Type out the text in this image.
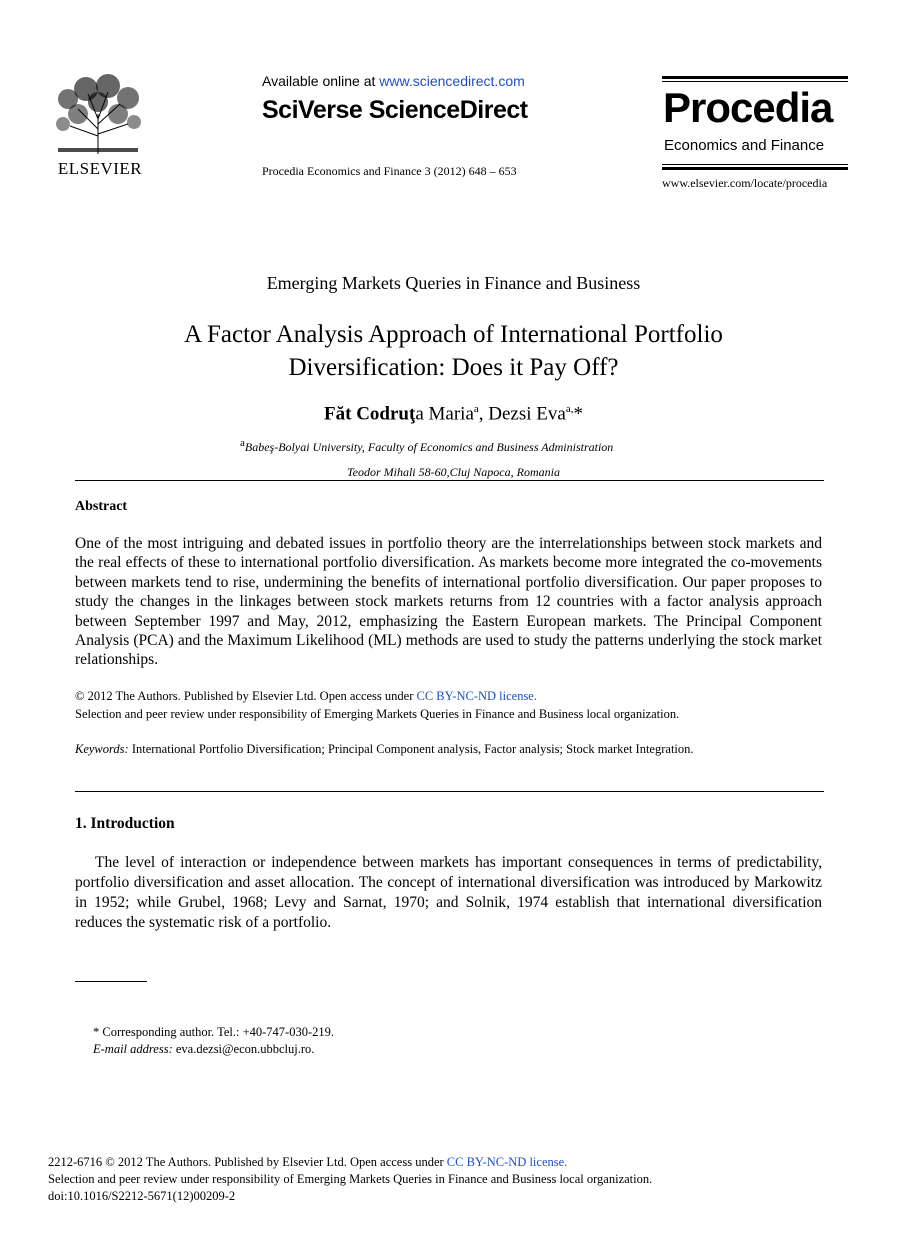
ELSEVIER
Available online at www.sciencedirect.com
SciVerse ScienceDirect
Procedia Economics and Finance 3 (2012) 648 – 653
Procedia
Economics and Finance
www.elsevier.com/locate/procedia
Emerging Markets Queries in Finance and Business
A Factor Analysis Approach of International Portfolio
Diversification: Does it Pay Off?
Făt Codruţa Maria$^a$, Dezsi Eva$^{a,}$*
$^a$Babeş-Bolyai University, Faculty of Economics and Business Administration
Teodor Mihali 58-60,Cluj Napoca, Romania
Abstract
One of the most intriguing and debated issues in portfolio theory are the interrelationships between stock markets and the real effects of these to international portfolio diversification. As markets become more integrated the co-movements between markets tend to rise, undermining the benefits of international portfolio diversification. Our paper proposes to study the changes in the linkages between stock markets returns from 12 countries with a factor analysis approach between September 1997 and May, 2012, emphasizing the Eastern European markets. The Principal Component Analysis (PCA) and the Maximum Likelihood (ML) methods are used to study the patterns underlying the stock market relationships.
© 2012 The Authors. Published by Elsevier Ltd. Open access under CC BY-NC-ND license.
Selection and peer review under responsibility of Emerging Markets Queries in Finance and Business local organization.
Keywords: International Portfolio Diversification; Principal Component analysis, Factor analysis; Stock market Integration.
1. Introduction
The level of interaction or independence between markets has important consequences in terms of predictability, portfolio diversification and asset allocation. The concept of international diversification was introduced by Markowitz in 1952; while Grubel, 1968; Levy and Sarnat, 1970; and Solnik, 1974 establish that international diversification reduces the systematic risk of a portfolio.
* Corresponding author. Tel.: +40-747-030-219.
E-mail address: eva.dezsi@econ.ubbcluj.ro.
2212-6716 © 2012 The Authors. Published by Elsevier Ltd. Open access under CC BY-NC-ND license.
Selection and peer review under responsibility of Emerging Markets Queries in Finance and Business local organization.
doi:10.1016/S2212-5671(12)00209-2
